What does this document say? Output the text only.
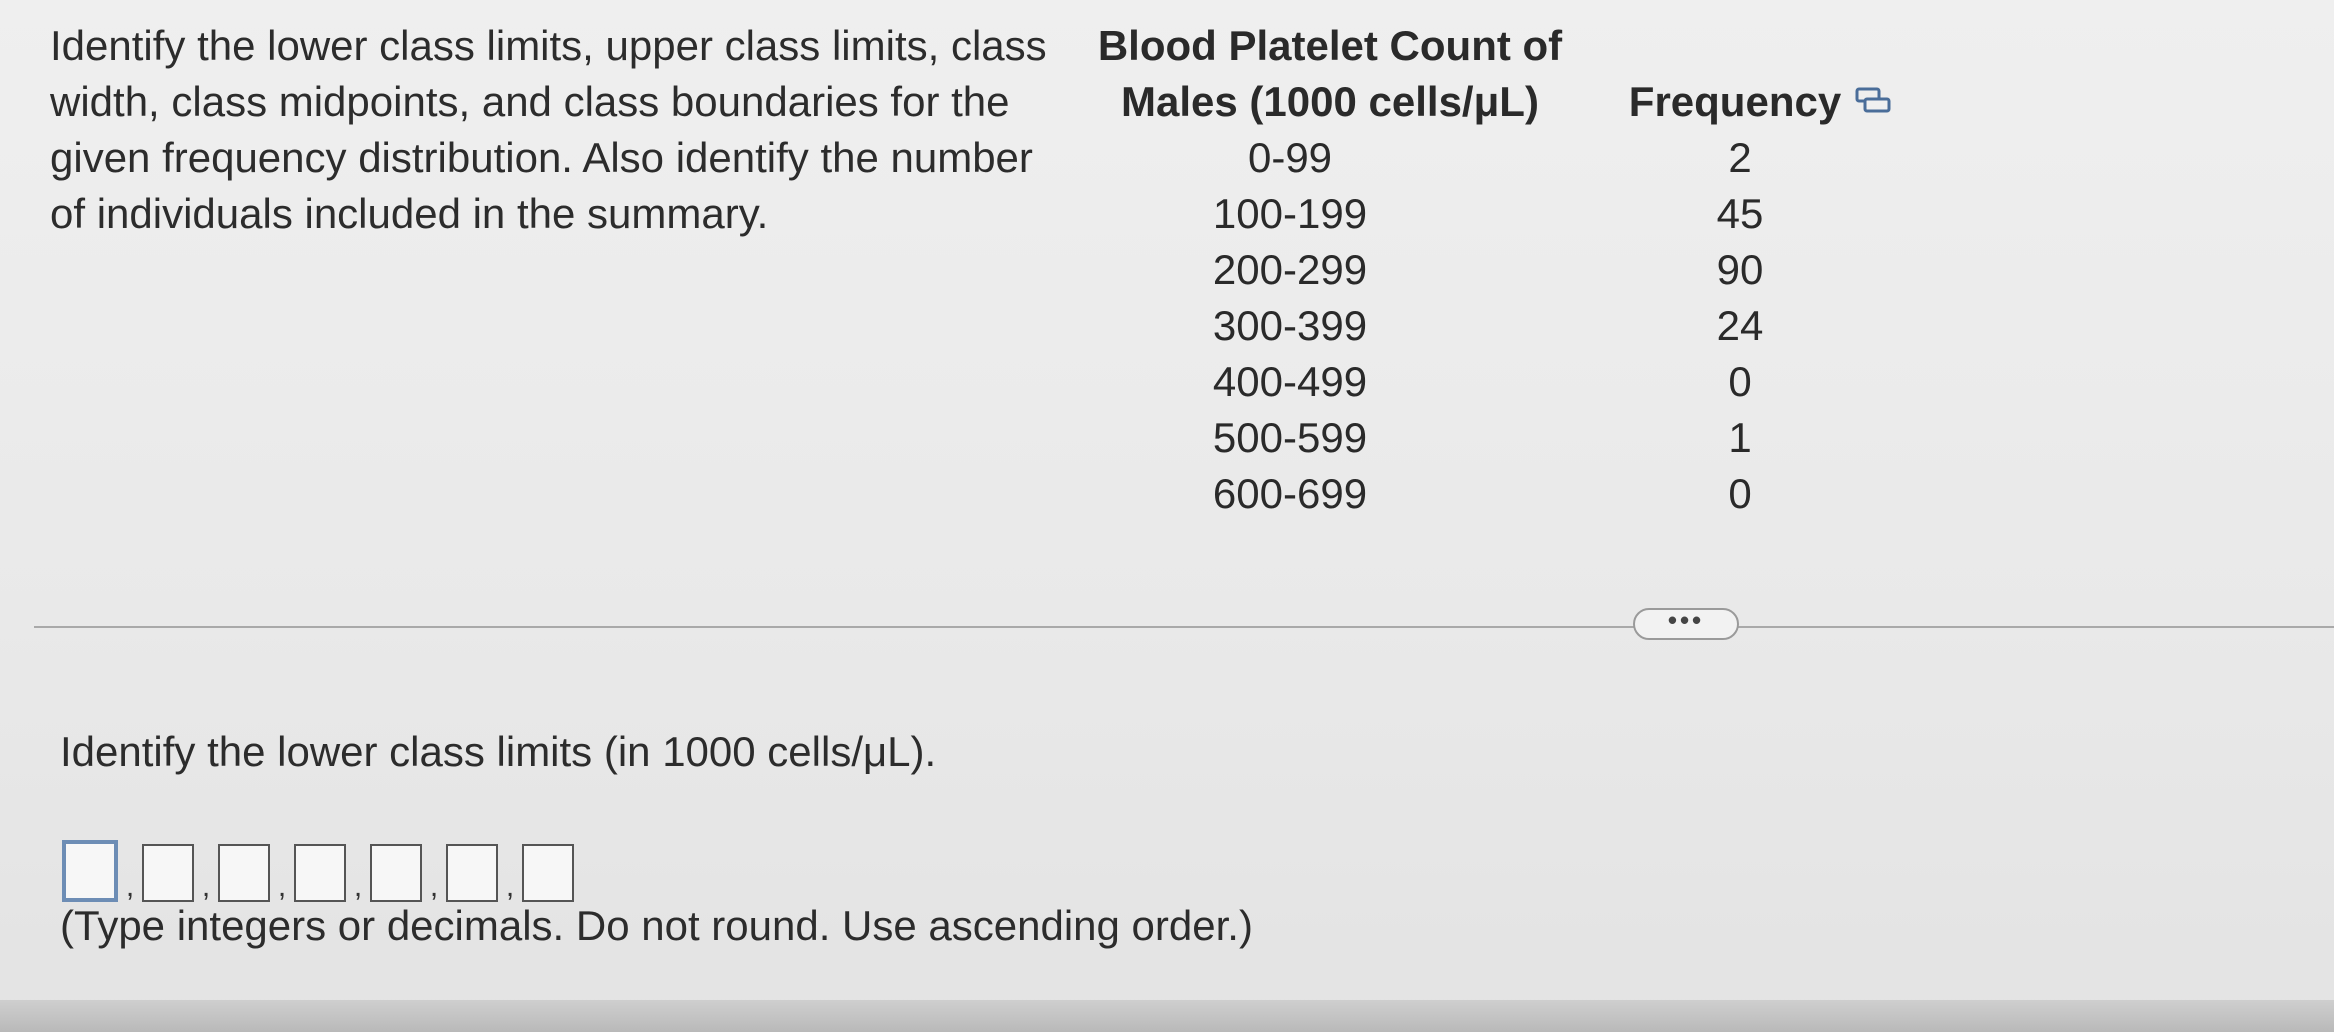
Identify the lower class limits, upper class limits, class width, class midpoints, and class boundaries for the given frequency distribution. Also identify the number of individuals included in the summary.
Blood Platelet Count of
Males (1000 cells/μL)	Frequency

0-99	2
100-199	45
200-299	90
300-399	24
400-499	0
500-599	1
600-699	0
•••
Identify the lower class limits (in 1000 cells/μL).
, , , , , ,
(Type integers or decimals. Do not round. Use ascending order.)
